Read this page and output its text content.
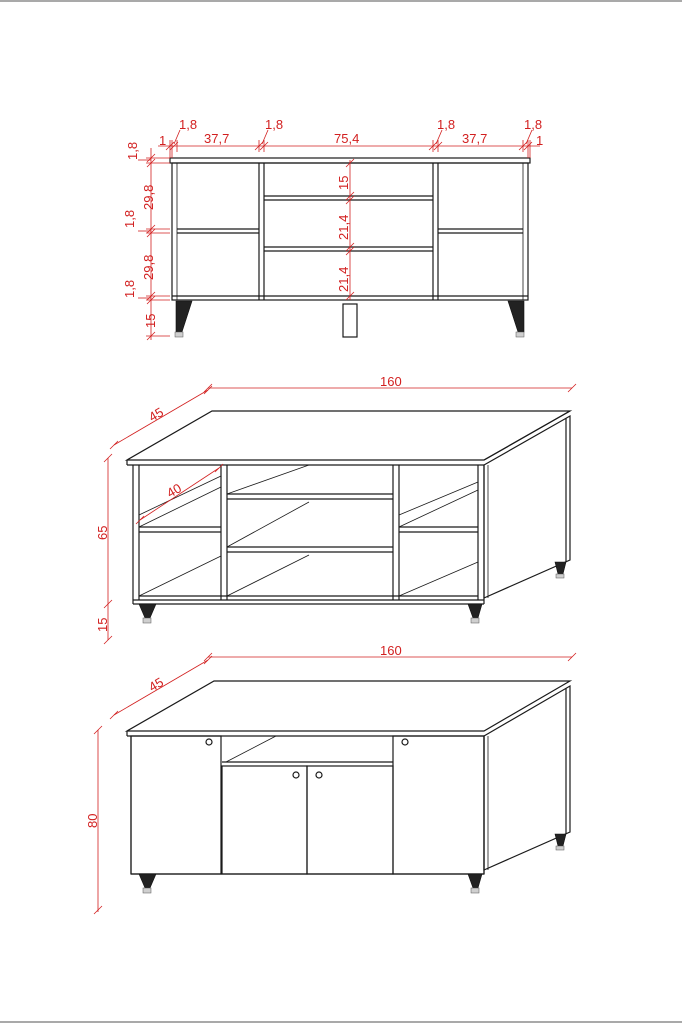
1
1,8
37,7
1,8
75,4
1,8
37,7
1,8
1
1,8
29,8
1,8
29,8
1,8
15
15
21,4
21,4
160
45
40
65
15
160
45
80
